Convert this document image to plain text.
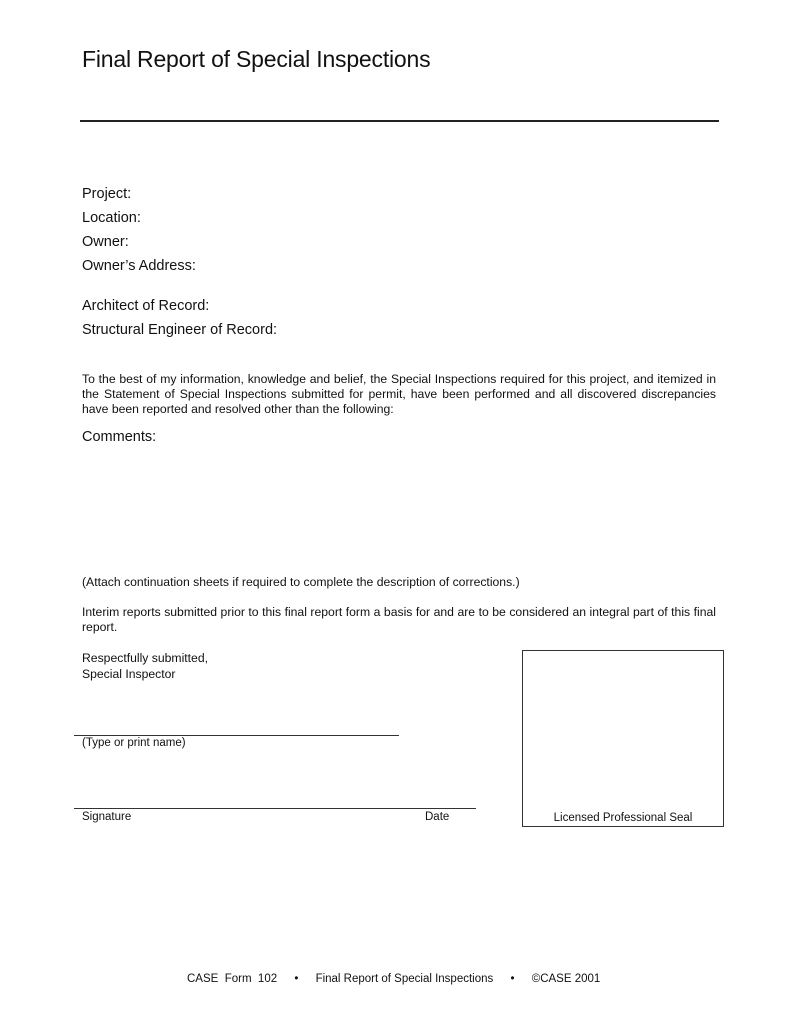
Final Report of Special Inspections
Project:
Location:
Owner:
Owner’s Address:
Architect of Record:
Structural Engineer of Record:
To the best of my information, knowledge and belief, the Special Inspections required for this project, and itemized in the Statement of Special Inspections submitted for permit, have been performed and all discovered discrepancies have been reported and resolved other than the following:
Comments:
(Attach continuation sheets if required to complete the description of corrections.)
Interim reports submitted prior to this final report form a basis for and are to be considered an integral part of this final report.
Respectfully submitted,
Special Inspector
(Type or print name)
Signature	Date	Licensed Professional Seal
CASE  Form  102 • Final Report of Special Inspections • ©CASE 2001
